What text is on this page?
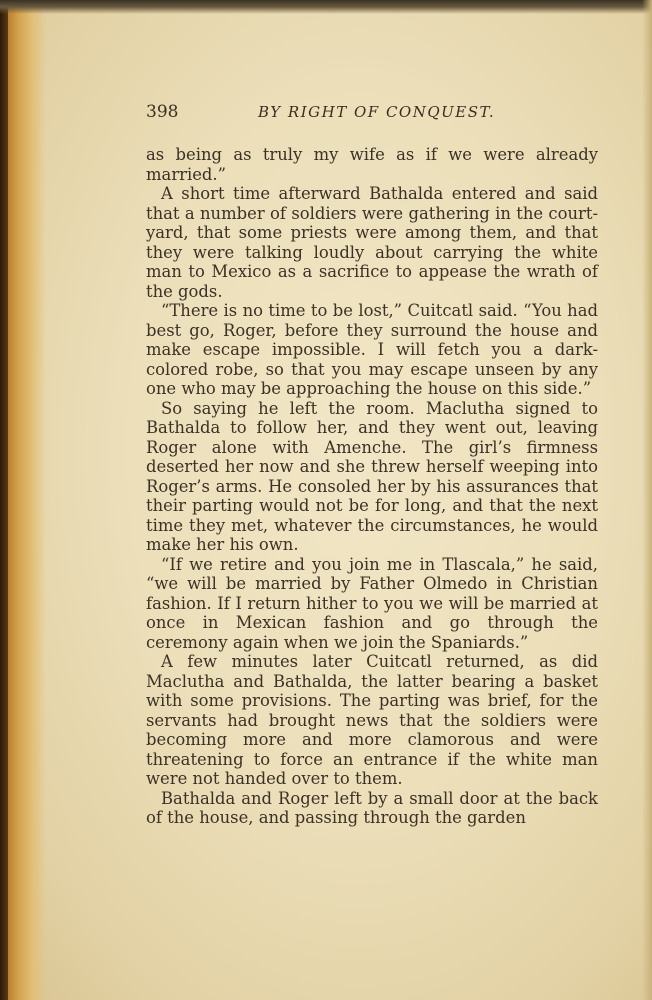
398	BY RIGHT OF CONQUEST.

as being as truly my wife as if we were already married.”

A short time afterward Bathalda entered and said that a number of soldiers were gathering in the court-yard, that some priests were among them, and that they were talking loudly about carrying the white man to Mexico as a sacrifice to appease the wrath of the gods.

“There is no time to be lost,” Cuitcatl said. “You had best go, Roger, before they surround the house and make escape impossible. I will fetch you a dark-colored robe, so that you may escape unseen by any one who may be approaching the house on this side.”

So saying he left the room. Maclutha signed to Bathalda to follow her, and they went out, leaving Roger alone with Amenche. The girl’s firmness deserted her now and she threw herself weeping into Roger’s arms. He consoled her by his assurances that their parting would not be for long, and that the next time they met, whatever the circumstances, he would make her his own.

“If we retire and you join me in Tlascala,” he said, “we will be married by Father Olmedo in Christian fashion. If I return hither to you we will be married at once in Mexican fashion and go through the ceremony again when we join the Spaniards.”

A few minutes later Cuitcatl returned, as did Maclutha and Bathalda, the latter bearing a basket with some provisions. The parting was brief, for the servants had brought news that the soldiers were becoming more and more clamorous and were threatening to force an entrance if the white man were not handed over to them.

Bathalda and Roger left by a small door at the back of the house, and passing through the garden
